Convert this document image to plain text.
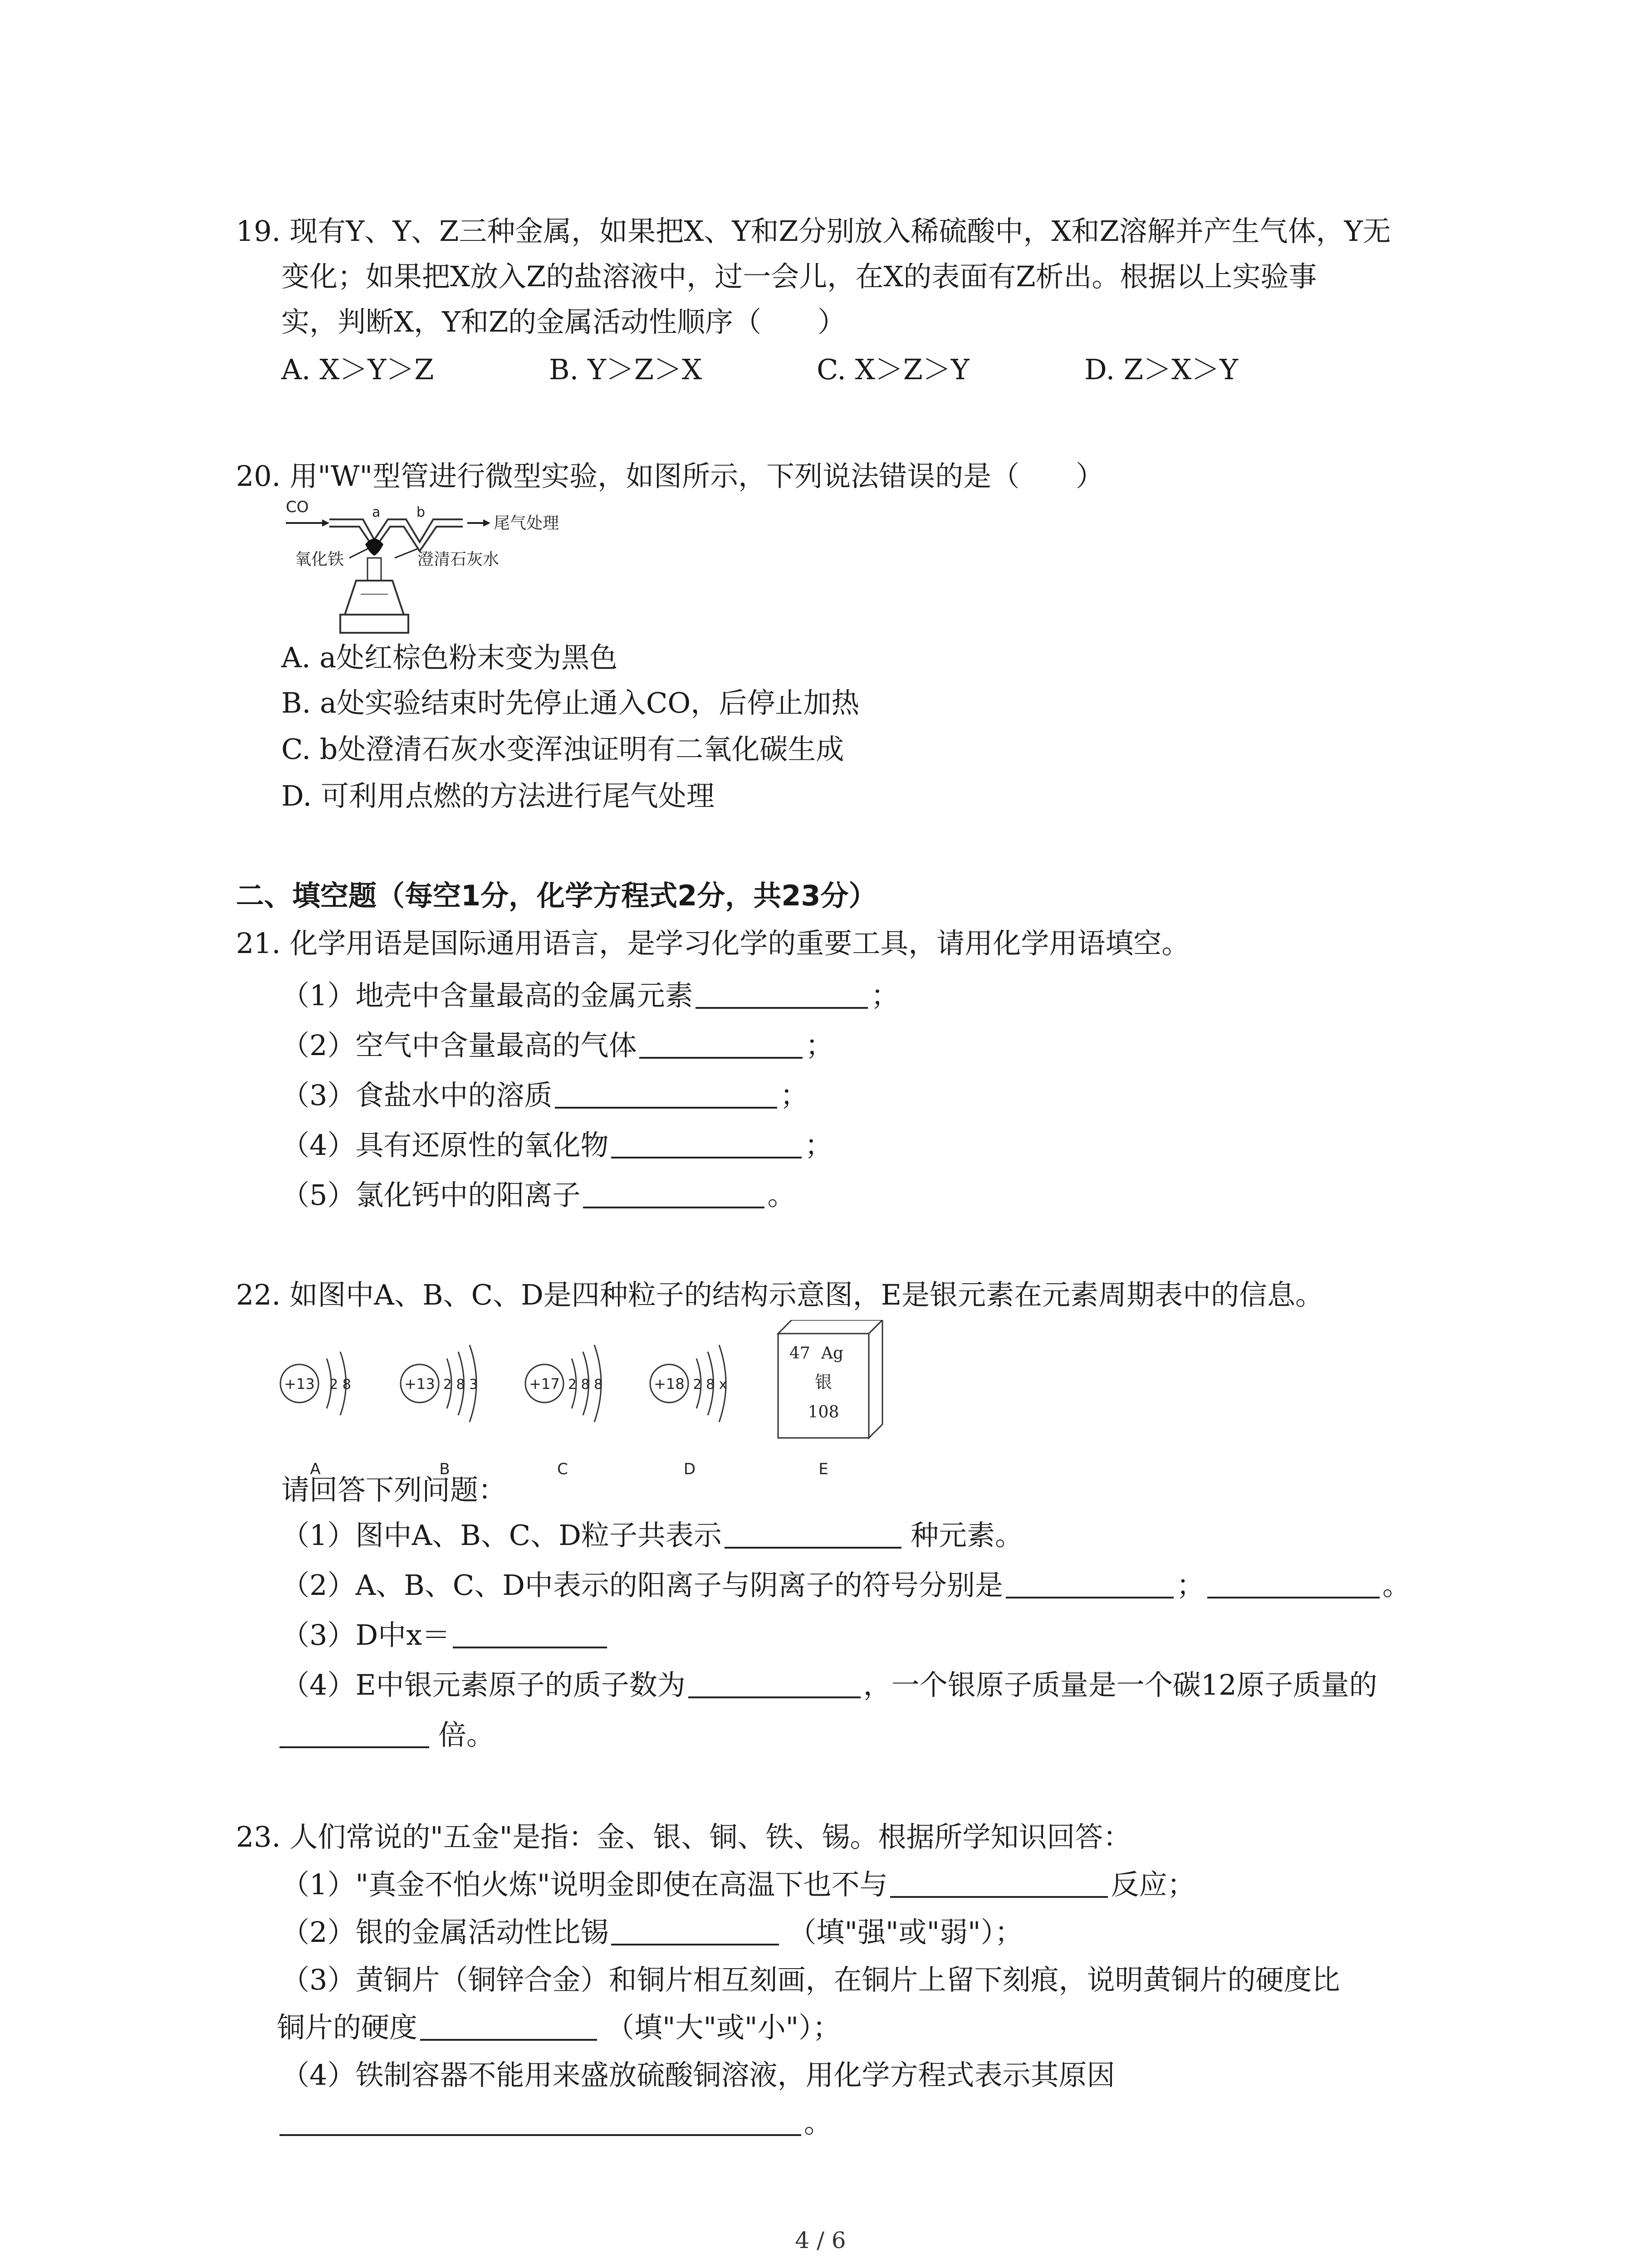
19. 现有Y、Y、Z三种金属，如果把X、Y和Z分别放入稀硫酸中，X和Z溶解并产生气体，Y无
变化；如果把X放入Z的盐溶液中，过一会儿，在X的表面有Z析出。根据以上实验事
实，判断X，Y和Z的金属活动性顺序（　　）
A. X＞Y＞Z	B. Y＞Z＞X	C. X＞Z＞Y	D. Z＞X＞Y
20. 用"W"型管进行微型实验，如图所示，下列说法错误的是（　　）
CO	a	b
尾气处理
氧化铁	澄清石灰水
A. a处红棕色粉末变为黑色
B. a处实验结束时先停止通入CO，后停止加热
C. b处澄清石灰水变浑浊证明有二氧化碳生成
D. 可利用点燃的方法进行尾气处理
二、填空题（每空1分，化学方程式2分，共23分）
21. 化学用语是国际通用语言，是学习化学的重要工具，请用化学用语填空。
（1）地壳中含量最高的金属元素	；
（2）空气中含量最高的气体	；
（3）食盐水中的溶质	；
（4）具有还原性的氧化物	；
（5）氯化钙中的阳离子	。
22. 如图中A、B、C、D是四种粒子的结构示意图，E是银元素在元素周期表中的信息。
+13 2 8
A
+13 2 8 3
B
+17 2 8 8
C
+18 2 8 x
D
47 Ag
银
108
E
请回答下列问题：
（1）图中A、B、C、D粒子共表示	种元素。
（2）A、B、C、D中表示的阳离子与阴离子的符号分别是	；	。
（3）D中x＝
（4）E中银元素原子的质子数为	，一个银原子质量是一个碳12原子质量的
倍。
23. 人们常说的"五金"是指：金、银、铜、铁、锡。根据所学知识回答：
（1）"真金不怕火炼"说明金即使在高温下也不与	反应；
（2）银的金属活动性比锡	（填"强"或"弱"）；
（3）黄铜片（铜锌合金）和铜片相互刻画，在铜片上留下刻痕，说明黄铜片的硬度比
铜片的硬度	（填"大"或"小"）；
（4）铁制容器不能用来盛放硫酸铜溶液，用化学方程式表示其原因
。
4 / 6
